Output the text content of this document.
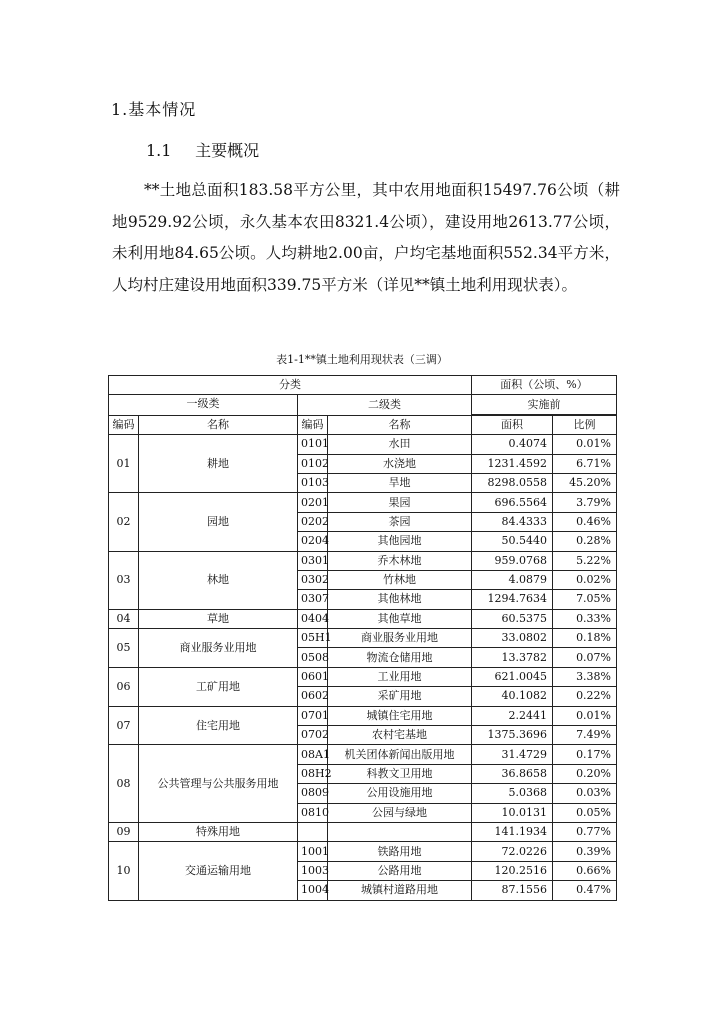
1.基本情况
1.1 主要概况
**土地总面积183.58平方公里，其中农用地面积15497.76公顷（耕地9529.92公顷，永久基本农田8321.4公顷），建设用地2613.77公顷，未利用地84.65公顷。人均耕地2.00亩，户均宅基地面积552.34平方米，人均村庄建设用地面积339.75平方米（详见**镇土地利用现状表）。
表1-1**镇土地利用现状表（三调）
分类				面积（公顷、%）	
一级类		二级类		实施前	

编码	名称	编码	名称	面积	比例
01	耕地	0101	水田	0.4074	0.01%
		0102	水浇地	1231.4592	6.71%
		0103	旱地	8298.0558	45.20%
02	园地	0201	果园	696.5564	3.79%
		0202	茶园	84.4333	0.46%
		0204	其他园地	50.5440	0.28%
03	林地	0301	乔木林地	959.0768	5.22%
		0302	竹林地	4.0879	0.02%
		0307	其他林地	1294.7634	7.05%
04	草地	0404	其他草地	60.5375	0.33%
05	商业服务业用地	05H1	商业服务业用地	33.0802	0.18%
		0508	物流仓储用地	13.3782	0.07%
06	工矿用地	0601	工业用地	621.0045	3.38%
		0602	采矿用地	40.1082	0.22%
07	住宅用地	0701	城镇住宅用地	2.2441	0.01%
		0702	农村宅基地	1375.3696	7.49%
08	公共管理与公共服务用地	08A1	机关团体新闻出版用地	31.4729	0.17%
		08H2	科教文卫用地	36.8658	0.20%
		0809	公用设施用地	5.0368	0.03%
		0810	公园与绿地	10.0131	0.05%
09	特殊用地			141.1934	0.77%
10	交通运输用地	1001	铁路用地	72.0226	0.39%
		1003	公路用地	120.2516	0.66%
		1004	城镇村道路用地	87.1556	0.47%
